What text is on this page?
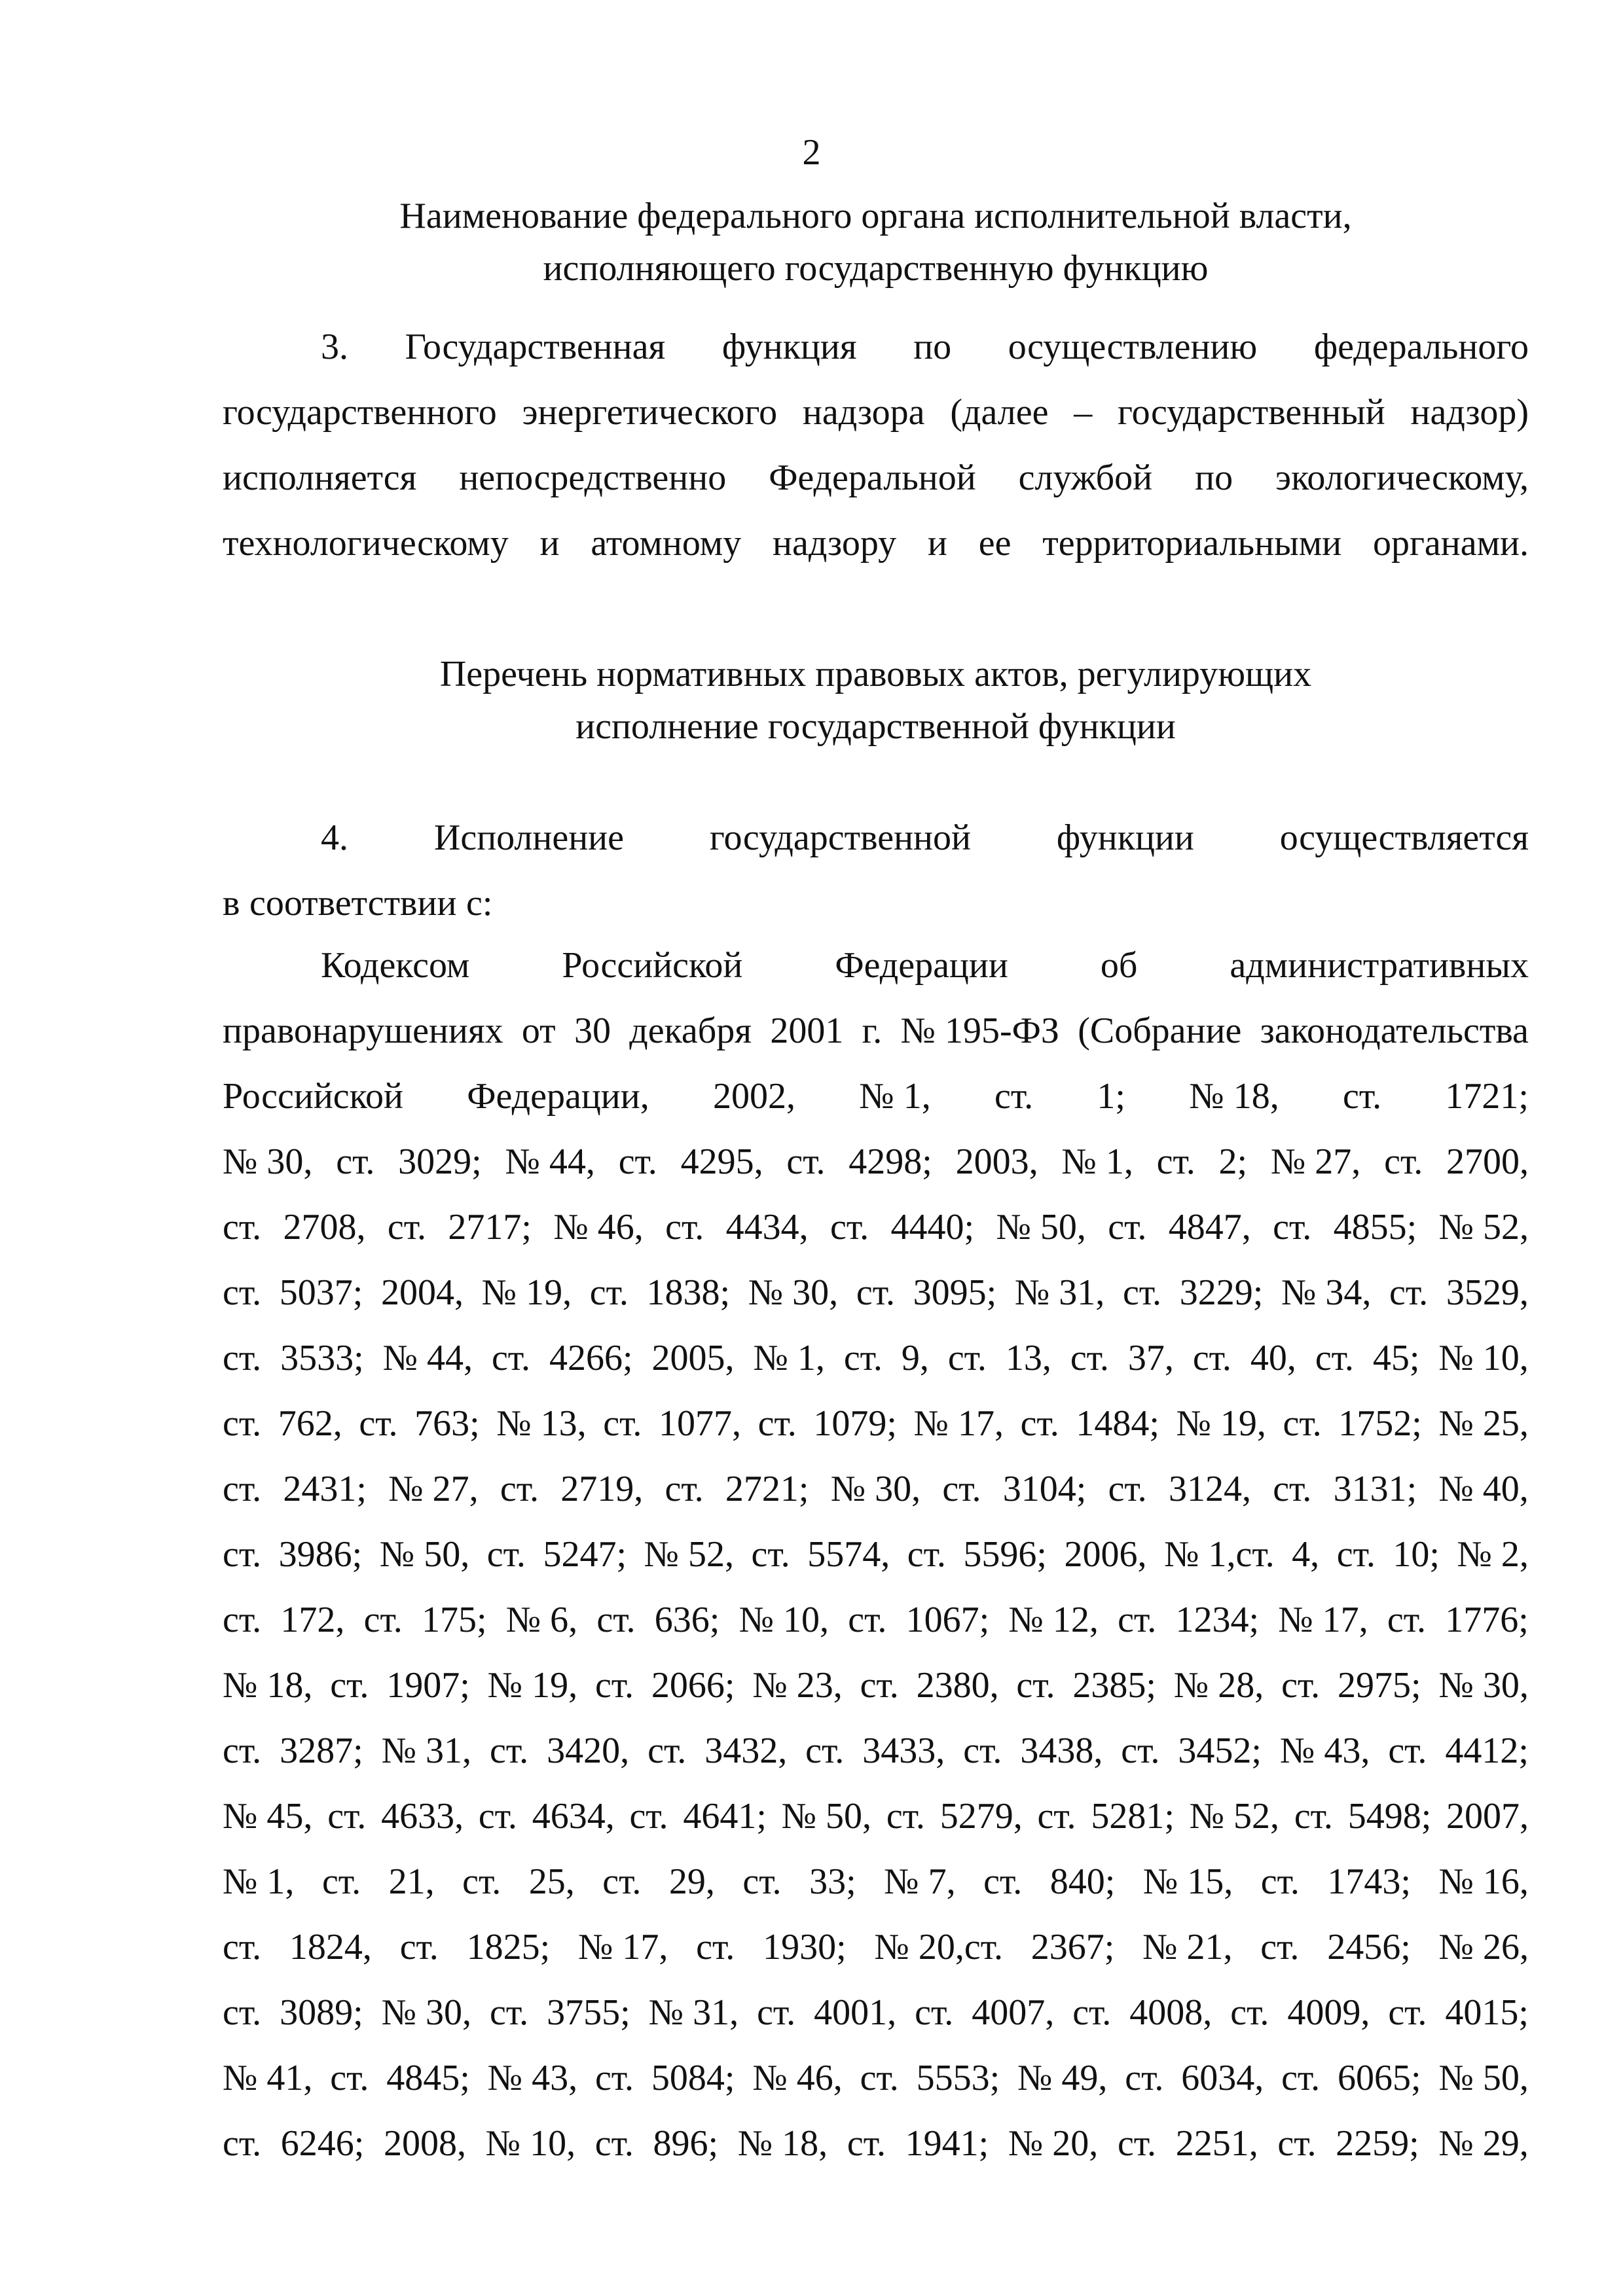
2
Наименование федерального органа исполнительной власти,
исполняющего государственную функцию
3. Государственная функция по осуществлению федерального
государственного энергетического надзора (далее – государственный надзор)
исполняется непосредственно Федеральной службой по экологическому,
технологическому и атомному надзору и ее территориальными органами.
Перечень нормативных правовых актов, регулирующих
исполнение государственной функции
4. Исполнение государственной функции осуществляется
в соответствии с:
Кодексом	Российской	Федерации	об	административных
правонарушениях от 30 декабря 2001 г. № 195-ФЗ (Собрание законодательства
Российской Федерации, 2002, № 1, ст. 1; № 18, ст. 1721;
№ 30, ст. 3029; № 44, ст. 4295, ст. 4298; 2003, № 1, ст. 2; № 27, ст. 2700,
ст. 2708, ст. 2717; № 46, ст. 4434, ст. 4440; № 50, ст. 4847, ст. 4855; № 52,
ст. 5037; 2004, № 19, ст. 1838; № 30, ст. 3095; № 31, ст. 3229; № 34, ст. 3529,
ст. 3533; № 44, ст. 4266; 2005, № 1, ст. 9, ст. 13, ст. 37, ст. 40, ст. 45; № 10,
ст. 762, ст. 763; № 13, ст. 1077, ст. 1079; № 17, ст. 1484; № 19, ст. 1752; № 25,
ст. 2431; № 27, ст. 2719, ст. 2721; № 30, ст. 3104; ст. 3124, ст. 3131; № 40,
ст. 3986; № 50, ст. 5247; № 52, ст. 5574, ст. 5596; 2006, № 1,ст. 4, ст. 10; № 2,
ст. 172, ст. 175; № 6, ст. 636; № 10, ст. 1067; № 12, ст. 1234; № 17, ст. 1776;
№ 18, ст. 1907; № 19, ст. 2066; № 23, ст. 2380, ст. 2385; № 28, ст. 2975; № 30,
ст. 3287; № 31, ст. 3420, ст. 3432, ст. 3433, ст. 3438, ст. 3452; № 43, ст. 4412;
№ 45, ст. 4633, ст. 4634, ст. 4641; № 50, ст. 5279, ст. 5281; № 52, ст. 5498; 2007,
№ 1, ст. 21, ст. 25, ст. 29, ст. 33; № 7, ст. 840; № 15, ст. 1743; № 16,
ст. 1824, ст. 1825; № 17, ст. 1930; № 20,ст. 2367; № 21, ст. 2456; № 26,
ст. 3089; № 30, ст. 3755; № 31, ст. 4001, ст. 4007, ст. 4008, ст. 4009, ст. 4015;
№ 41, ст. 4845; № 43, ст. 5084; № 46, ст. 5553; № 49, ст. 6034, ст. 6065; № 50,
ст. 6246; 2008, № 10, ст. 896; № 18, ст. 1941; № 20, ст. 2251, ст. 2259; № 29,
